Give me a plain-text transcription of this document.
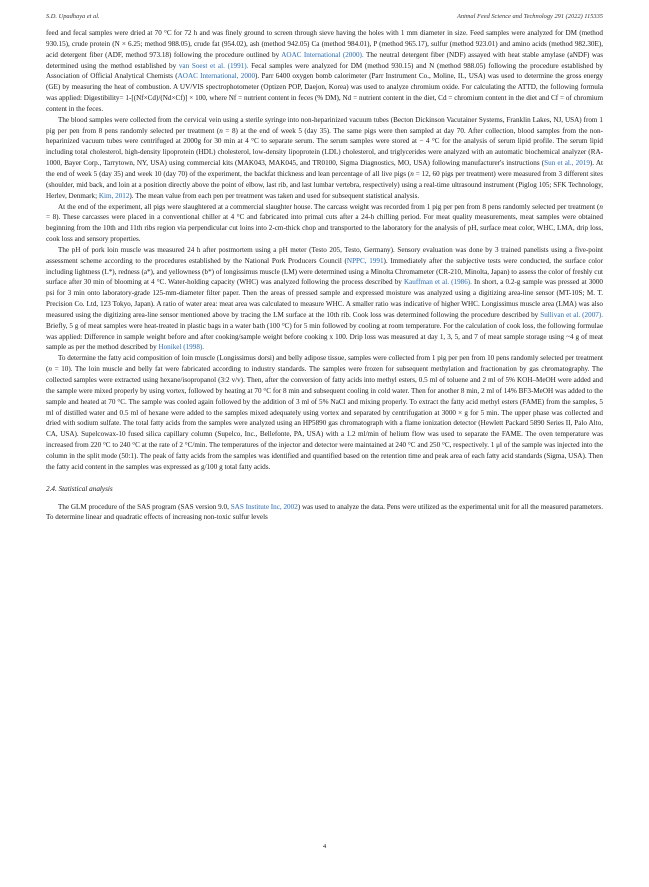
S.D. Upadhaya et al.	Animal Feed Science and Technology 291 (2022) 115335

feed and fecal samples were dried at 70 °C for 72 h and was finely ground to screen through sieve having the holes with 1 mm diameter in size. Feed samples were analyzed for DM (method 930.15), crude protein (N × 6.25; method 988.05), crude fat (954.02), ash (method 942.05) Ca (method 984.01), P (method 965.17), sulfur (method 923.01) and amino acids (method 982.30E), acid detergent fiber (ADF, method 973.18) following the procedure outlined by AOAC International (2000). The neutral detergent fiber (NDF) assayed with heat stable amylase (aNDF) was determined using the method established by van Soest et al. (1991). Fecal samples were analyzed for DM (method 930.15) and N (method 988.05) following the procedure established by Association of Official Analytical Chemists (AOAC International, 2000). Parr 6400 oxygen bomb calorimeter (Parr Instrument Co., Moline, IL, USA) was used to determine the gross energy (GE) by measuring the heat of combustion. A UV/VIS spectrophotometer (Optizen POP, Daejon, Korea) was used to analyze chromium oxide. For calculating the ATTD, the following formula was applied: Digestibility= 1-[(Nf×Cd)/(Nd×Cf)] × 100, where Nf = nutrient content in feces (% DM), Nd = nutrient content in the diet, Cd = chromium content in the diet and Cf = of chromium content in the feces.

The blood samples were collected from the cervical vein using a sterile syringe into non-heparinized vacuum tubes (Becton Dickinson Vacutainer Systems, Franklin Lakes, NJ, USA) from 1 pig per pen from 8 pens randomly selected per treatment (n = 8) at the end of week 5 (day 35). The same pigs were then sampled at day 70. After collection, blood samples from the non-heparinized vacuum tubes were centrifuged at 2000g for 30 min at 4 °C to separate serum. The serum samples were stored at − 4 °C for the analysis of serum lipid profile. The serum lipid including total cholesterol, high-density lipoprotein (HDL) cholesterol, low-density lipoprotein (LDL) cholesterol, and triglycerides were analyzed with an automatic biochemical analyzer (RA- 1000, Bayer Corp., Tarrytown, NY, USA) using commercial kits (MAK043, MAK045, and TR0100, Sigma Diagnostics, MO, USA) following manufacturer's instructions (Sun et al., 2019). At the end of week 5 (day 35) and week 10 (day 70) of the experiment, the backfat thickness and lean percentage of all live pigs (n = 12, 60 pigs per treatment) were measured from 3 different sites (shoulder, mid back, and loin at a position directly above the point of elbow, last rib, and last lumbar vertebra, respectively) using a real-time ultrasound instrument (Piglog 105; SFK Technology, Herlev, Denmark; Kim, 2012). The mean value from each pen per treatment was taken and used for subsequent statistical analysis.

At the end of the experiment, all pigs were slaughtered at a commercial slaughter house. The carcass weight was recorded from 1 pig per pen from 8 pens randomly selected per treatment (n = 8). These carcasses were placed in a conventional chiller at 4 °C and fabricated into primal cuts after a 24-h chilling period. For meat quality measurements, meat samples were obtained beginning from the 10th and 11th ribs region via perpendicular cut loins into 2-cm-thick chop and transported to the laboratory for the analysis of pH, surface meat color, WHC, LMA, drip loss, cook loss and sensory properties.

The pH of pork loin muscle was measured 24 h after postmortem using a pH meter (Testo 205, Testo, Germany). Sensory evaluation was done by 3 trained panelists using a five-point assessment scheme according to the procedures established by the National Pork Producers Council (NPPC, 1991). Immediately after the subjective tests were conducted, the surface color including lightness (L*), redness (a*), and yellowness (b*) of longissimus muscle (LM) were determined using a Minolta Chromameter (CR-210, Minolta, Japan) to assess the color of freshly cut surface after 30 min of blooming at 4 °C. Water-holding capacity (WHC) was analyzed following the process described by Kauffman et al. (1986). In short, a 0.2-g sample was pressed at 3000 psi for 3 min onto laboratory-grade 125-mm-diameter filter paper. Then the areas of pressed sample and expressed moisture was analyzed using a digitizing area-line sensor (MT-10S; M. T. Precision Co. Ltd, 123 Tokyo, Japan). A ratio of water area: meat area was calculated to measure WHC. A smaller ratio was indicative of higher WHC. Longissimus muscle area (LMA) was also measured using the digitizing area-line sensor mentioned above by tracing the LM surface at the 10th rib. Cook loss was determined following the procedure described by Sullivan et al. (2007). Briefly, 5 g of meat samples were heat-treated in plastic bags in a water bath (100 °C) for 5 min followed by cooling at room temperature. For the calculation of cook loss, the following formulae was applied: Difference in sample weight before and after cooking/sample weight before cooking x 100. Drip loss was measured at day 1, 3, 5, and 7 of meat sample storage using ~4 g of meat sample as per the method described by Honikel (1998).

To determine the fatty acid composition of loin muscle (Longissimus dorsi) and belly adipose tissue, samples were collected from 1 pig per pen from 10 pens randomly selected per treatment (n = 10). The loin muscle and belly fat were fabricated according to industry standards. The samples were frozen for subsequent methylation and fractionation by gas chromatography. The collected samples were extracted using hexane/isopropanol (3:2 v/v). Then, after the conversion of fatty acids into methyl esters, 0.5 ml of toluene and 2 ml of 5% KOH–MeOH were added and the sample were mixed properly by using vortex, followed by heating at 70 °C for 8 min and subsequent cooling in cold water. Then for another 8 min, 2 ml of 14% BF3-MeOH was added to the sample and heated at 70 °C. The sample was cooled again followed by the addition of 3 ml of 5% NaCl and mixing properly. To extract the fatty acid methyl esters (FAME) from the samples, 5 ml of distilled water and 0.5 ml of hexane were added to the samples mixed adequately using vortex and separated by centrifugation at 3000 × g for 5 min. The upper phase was collected and dried with sodium sulfate. The total fatty acids from the samples were analyzed using an HP5890 gas chromatograph with a flame ionization detector (Hewlett Packard 5890 Series II, Palo Alto, CA, USA). Supelcowax-10 fused silica capillary column (Supelco, Inc., Bellefonte, PA, USA) with a 1.2 ml/min of helium flow was used to separate the FAME. The oven temperature was increased from 220 °C to 240 °C at the rate of 2 °C/min. The temperatures of the injector and detector were maintained at 240 °C and 250 °C, respectively. 1 μl of the sample was injected into the column in the split mode (50:1). The peak of fatty acids from the samples was identified and quantified based on the retention time and peak area of each fatty acid standards (Sigma, USA). Then the fatty acid content in the samples was expressed as g/100 g total fatty acids.

2.4. Statistical analysis

The GLM procedure of the SAS program (SAS version 9.0, SAS Institute Inc, 2002) was used to analyze the data. Pens were utilized as the experimental unit for all the measured parameters. To determine linear and quadratic effects of increasing non-toxic sulfur levels

4
